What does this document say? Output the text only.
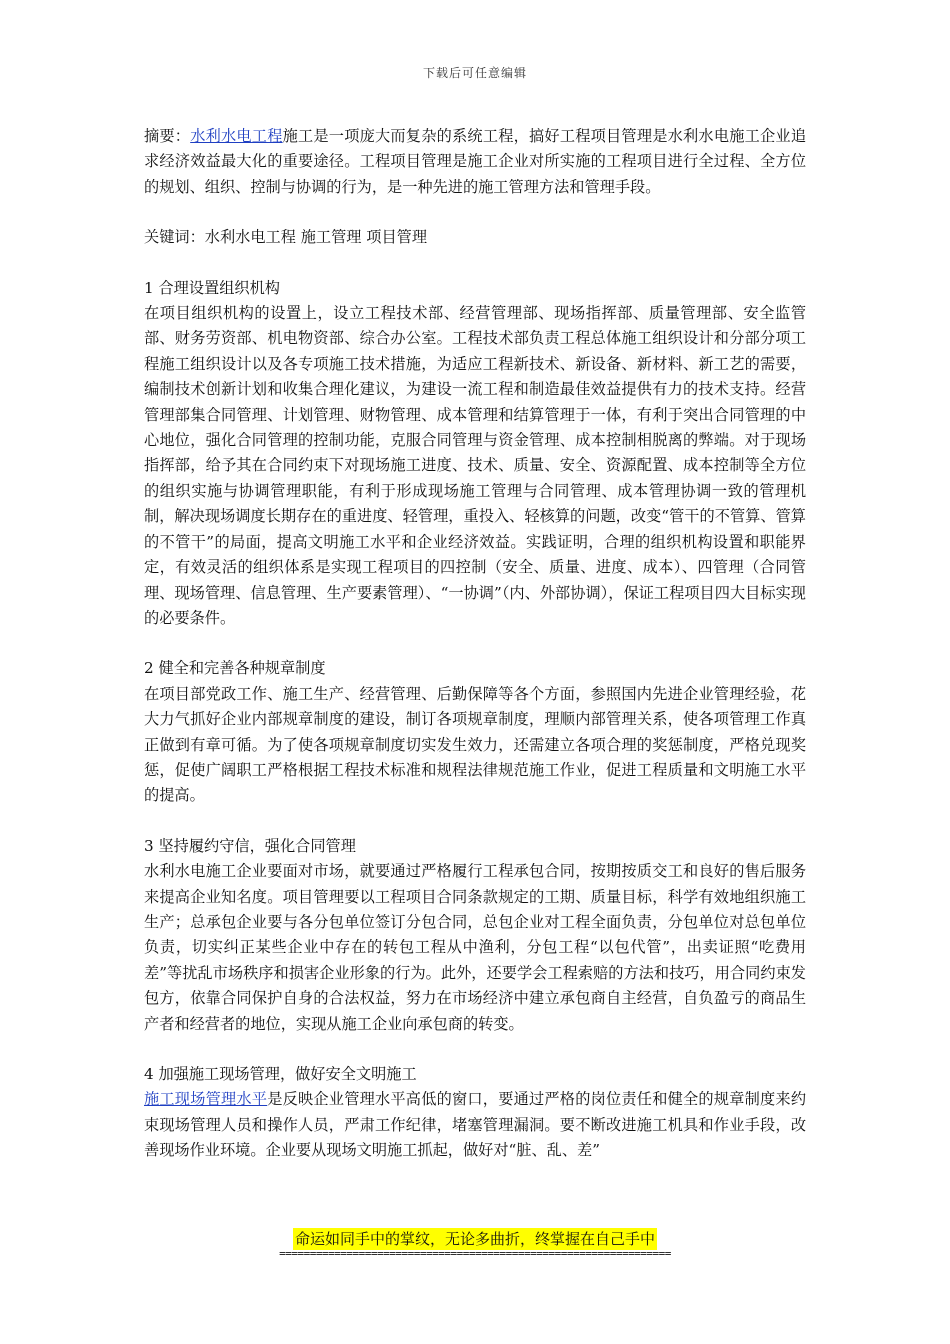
下载后可任意编辑

摘要：水利水电工程施工是一项庞大而复杂的系统工程，搞好工程项目管理是水利水电施工企业追求经济效益最大化的重要途径。工程项目管理是施工企业对所实施的工程项目进行全过程、全方位的规划、组织、控制与协调的行为，是一种先进的施工管理方法和管理手段。

关键词：水利水电工程 施工管理 项目管理

1 合理设置组织机构

在项目组织机构的设置上，设立工程技术部、经营管理部、现场指挥部、质量管理部、安全监管部、财务劳资部、机电物资部、综合办公室。工程技术部负责工程总体施工组织设计和分部分项工程施工组织设计以及各专项施工技术措施，为适应工程新技术、新设备、新材料、新工艺的需要，编制技术创新计划和收集合理化建议，为建设一流工程和制造最佳效益提供有力的技术支持。经营管理部集合同管理、计划管理、财物管理、成本管理和结算管理于一体，有利于突出合同管理的中心地位，强化合同管理的控制功能，克服合同管理与资金管理、成本控制相脱离的弊端。对于现场指挥部，给予其在合同约束下对现场施工进度、技术、质量、安全、资源配置、成本控制等全方位的组织实施与协调管理职能，有利于形成现场施工管理与合同管理、成本管理协调一致的管理机制，解决现场调度长期存在的重进度、轻管理，重投入、轻核算的问题，改变“管干的不管算、管算的不管干”的局面，提高文明施工水平和企业经济效益。实践证明，合理的组织机构设置和职能界定，有效灵活的组织体系是实现工程项目的四控制（安全、质量、进度、成本）、四管理（合同管理、现场管理、信息管理、生产要素管理）、“一协调”（内、外部协调），保证工程项目四大目标实现的必要条件。

2 健全和完善各种规章制度

在项目部党政工作、施工生产、经营管理、后勤保障等各个方面，参照国内先进企业管理经验，花大力气抓好企业内部规章制度的建设，制订各项规章制度，理顺内部管理关系，使各项管理工作真正做到有章可循。为了使各项规章制度切实发生效力，还需建立各项合理的奖惩制度，严格兑现奖惩，促使广阔职工严格根据工程技术标准和规程法律规范施工作业，促进工程质量和文明施工水平的提高。

3 坚持履约守信，强化合同管理

水利水电施工企业要面对市场，就要通过严格履行工程承包合同，按期按质交工和良好的售后服务来提高企业知名度。项目管理要以工程项目合同条款规定的工期、质量目标，科学有效地组织施工生产；总承包企业要与各分包单位签订分包合同，总包企业对工程全面负责，分包单位对总包单位负责，切实纠正某些企业中存在的转包工程从中渔利，分包工程“以包代管”，出卖证照“吃费用差”等扰乱市场秩序和损害企业形象的行为。此外，还要学会工程索赔的方法和技巧，用合同约束发包方，依靠合同保护自身的合法权益，努力在市场经济中建立承包商自主经营，自负盈亏的商品生产者和经营者的地位，实现从施工企业向承包商的转变。

4 加强施工现场管理，做好安全文明施工

施工现场管理水平是反映企业管理水平高低的窗口，要通过严格的岗位责任和健全的规章制度来约束现场管理人员和操作人员，严肃工作纪律，堵塞管理漏洞。要不断改进施工机具和作业手段，改善现场作业环境。企业要从现场文明施工抓起，做好对“脏、乱、差”

命运如同手中的掌纹，无论多曲折，终掌握在自己手中
================================================================
